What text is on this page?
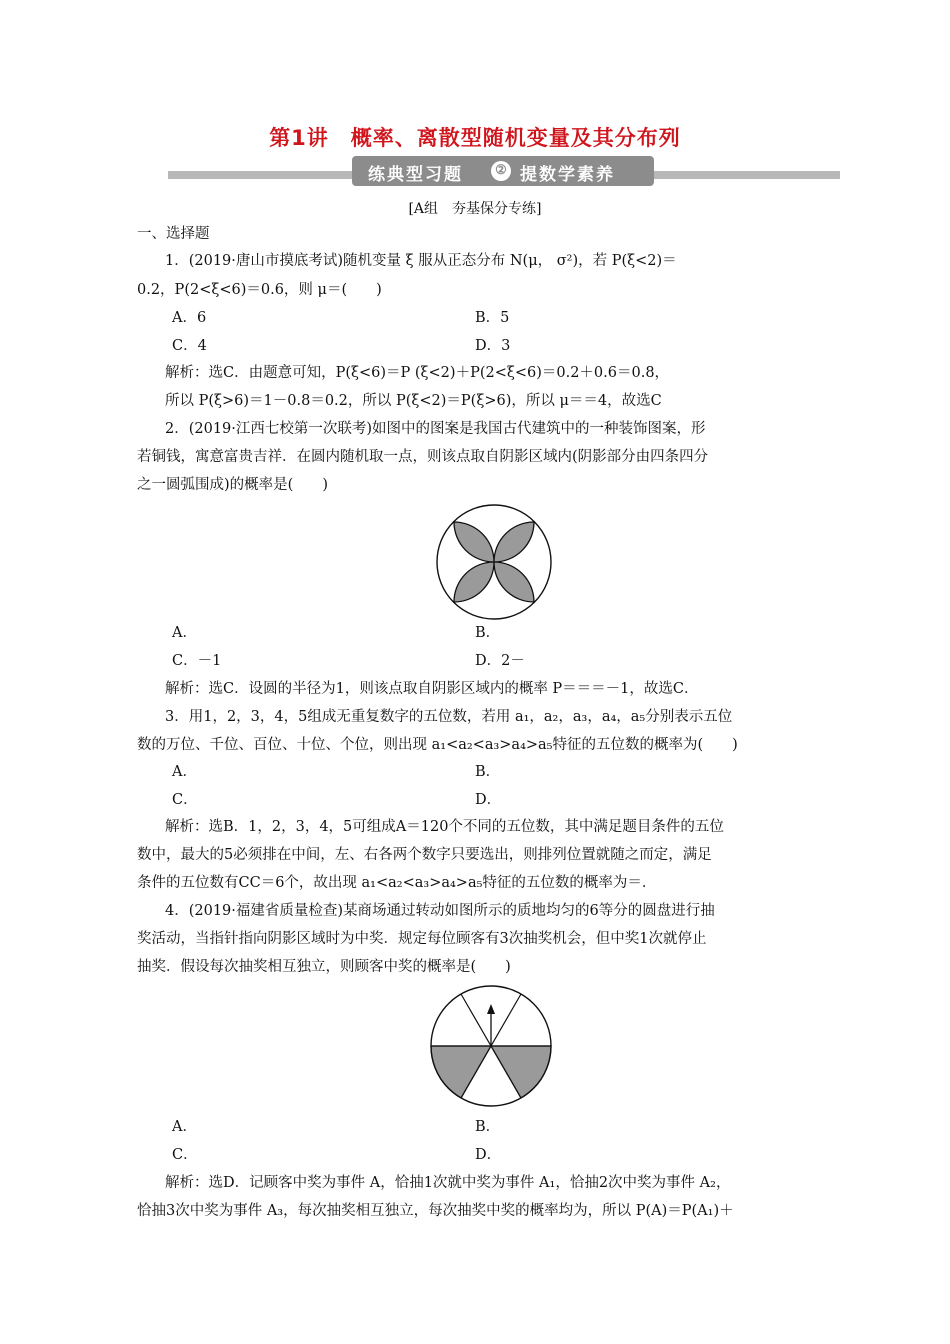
第1讲　概率、离散型随机变量及其分布列
练典型习题	② 提数学素养
[A组　夯基保分专练]
一、选择题
1．(2019·唐山市摸底考试)随机变量 ξ 服从正态分布 N(μ， σ²)，若 P(ξ<2)＝
0.2，P(2<ξ<6)＝0.6，则 μ＝(　　)
A．6	B．5
C．4	D．3
解析：选C．由题意可知，P(ξ<6)＝P (ξ<2)＋P(2<ξ<6)＝0.2＋0.6＝0.8，
所以 P(ξ>6)＝1－0.8＝0.2，所以 P(ξ<2)＝P(ξ>6)，所以 μ＝＝4，故选C
2．(2019·江西七校第一次联考)如图中的图案是我国古代建筑中的一种装饰图案，形
若铜钱，寓意富贵吉祥．在圆内随机取一点，则该点取自阴影区域内(阴影部分由四条四分
之一圆弧围成)的概率是(　　)
A．	B．
C．－1	D．2－
解析：选C．设圆的半径为1，则该点取自阴影区域内的概率 P＝＝＝－1，故选C．
3．用1，2，3，4，5组成无重复数字的五位数，若用 a₁，a₂，a₃，a₄，a₅分别表示五位
数的万位、千位、百位、十位、个位，则出现 a₁<a₂<a₃>a₄>a₅特征的五位数的概率为(　　)
A．	B．
C．	D．
解析：选B．1，2，3，4，5可组成A＝120个不同的五位数，其中满足题目条件的五位
数中，最大的5必须排在中间，左、右各两个数字只要选出，则排列位置就随之而定，满足
条件的五位数有CC＝6个，故出现 a₁<a₂<a₃>a₄>a₅特征的五位数的概率为＝．
4．(2019·福建省质量检查)某商场通过转动如图所示的质地均匀的6等分的圆盘进行抽
奖活动，当指针指向阴影区域时为中奖．规定每位顾客有3次抽奖机会，但中奖1次就停止
抽奖．假设每次抽奖相互独立，则顾客中奖的概率是(　　)
A．	B．
C．	D．
解析：选D．记顾客中奖为事件 A，恰抽1次就中奖为事件 A₁，恰抽2次中奖为事件 A₂，
恰抽3次中奖为事件 A₃，每次抽奖相互独立，每次抽奖中奖的概率均为，所以 P(A)＝P(A₁)＋
